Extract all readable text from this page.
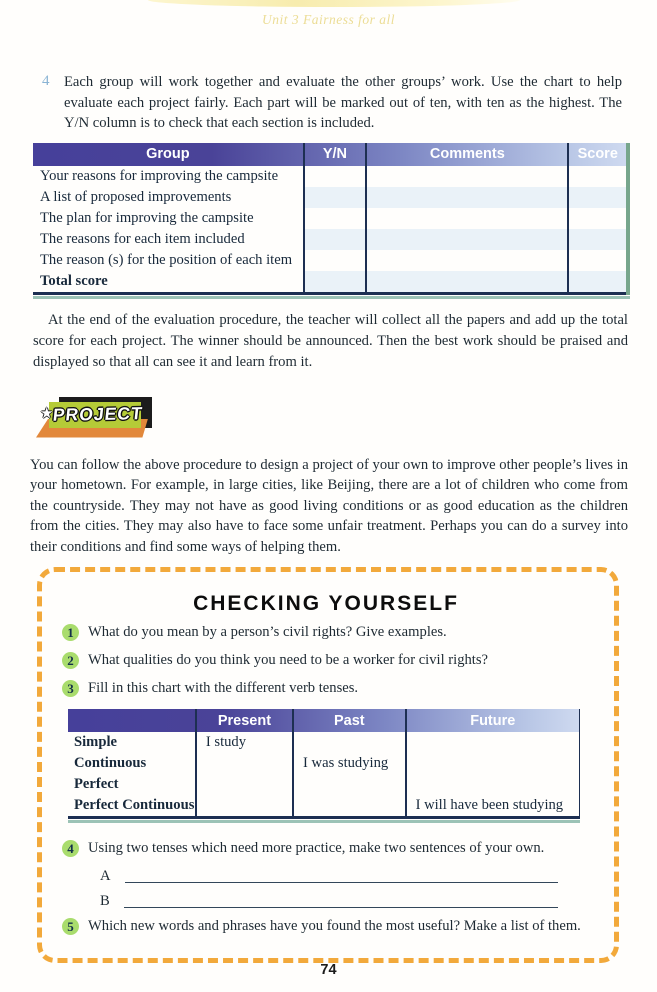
Unit 3 Fairness for all
4 Each group will work together and evaluate the other groups’ work. Use the chart to help evaluate each project fairly. Each part will be marked out of ten, with ten as the highest. The Y/N column is to check that each section is included.

Group	Y/N	Comments	Score
Your reasons for improving the campsite			
A list of proposed improvements			
The plan for improving the campsite			
The reasons for each item included			
The reason (s) for the position of each item			
Total score			

At the end of the evaluation procedure, the teacher will collect all the papers and add up the total score for each project. The winner should be announced. Then the best work should be praised and displayed so that all can see it and learn from it.

★
PROJECT

You can follow the above procedure to design a project of your own to improve other people’s lives in your hometown. For example, in large cities, like Beijing, there are a lot of children who come from the countryside. They may not have as good living conditions or as good education as the children from the cities. They may also have to face some unfair treatment. Perhaps you can do a survey into their conditions and find some ways of helping them.

CHECKING YOURSELF
1 What do you mean by a person’s civil rights? Give examples.
2 What qualities do you think you need to be a worker for civil rights?
3 Fill in this chart with the different verb tenses.
	Present	Past	Future
Simple	I study		
Continuous		I was studying	
Perfect			
Perfect Continuous			I will have been studying
4 Using two tenses which need more practice, make two sentences of your own.
A
B
5 Which new words and phrases have you found the most useful? Make a list of them.
74
